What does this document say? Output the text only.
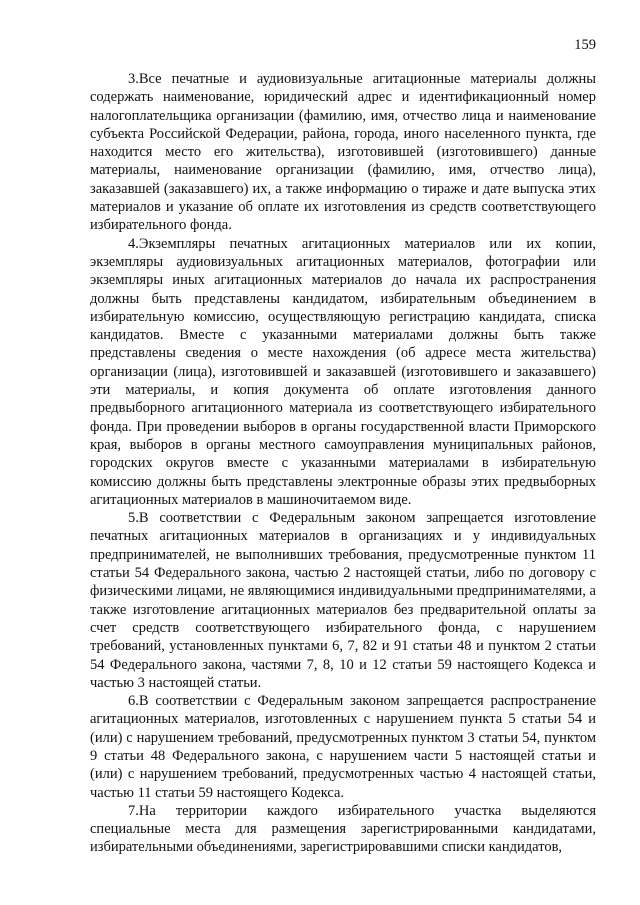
159

3.Все печатные и аудиовизуальные агитационные материалы должны содержать наименование, юридический адрес и идентификационный номер налогоплательщика организации (фамилию, имя, отчество лица и наименование субъекта Российской Федерации, района, города, иного населенного пункта, где находится место его жительства), изготовившей (изготовившего) данные материалы, наименование организации (фамилию, имя, отчество лица), заказавшей (заказавшего) их, а также информацию о тираже и дате выпуска этих материалов и указание об оплате их изготовления из средств соответствующего избирательного фонда.

4.Экземпляры печатных агитационных материалов или их копии, экземпляры аудиовизуальных агитационных материалов, фотографии или экземпляры иных агитационных материалов до начала их распространения должны быть представлены кандидатом, избирательным объединением в избирательную комиссию, осуществляющую регистрацию кандидата, списка кандидатов. Вместе с указанными материалами должны быть также представлены сведения о месте нахождения (об адресе места жительства) организации (лица), изготовившей и заказавшей (изготовившего и заказавшего) эти материалы, и копия документа об оплате изготовления данного предвыборного агитационного материала из соответствующего избирательного фонда. При проведении выборов в органы государственной власти Приморского края, выборов в органы местного самоуправления муниципальных районов, городских округов вместе с указанными материалами в избирательную комиссию должны быть представлены электронные образы этих предвыборных агитационных материалов в машиночитаемом виде.

5.В соответствии с Федеральным законом запрещается изготовление печатных агитационных материалов в организациях и у индивидуальных предпринимателей, не выполнивших требования, предусмотренные пунктом 11 статьи 54 Федерального закона, частью 2 настоящей статьи, либо по договору с физическими лицами, не являющимися индивидуальными предпринимателями, а также изготовление агитационных материалов без предварительной оплаты за счет средств соответствующего избирательного фонда, с нарушением требований, установленных пунктами 6, 7, 82 и 91 статьи 48 и пунктом 2 статьи 54 Федерального закона, частями 7, 8, 10 и 12 статьи 59 настоящего Кодекса и частью 3 настоящей статьи.

6.В соответствии с Федеральным законом запрещается распространение агитационных материалов, изготовленных с нарушением пункта 5 статьи 54 и (или) с нарушением требований, предусмотренных пунктом 3 статьи 54, пунктом 9 статьи 48 Федерального закона, с нарушением части 5 настоящей статьи и (или) с нарушением требований, предусмотренных частью 4 настоящей статьи, частью 11 статьи 59 настоящего Кодекса.

7.На территории каждого избирательного участка выделяются специальные места для размещения зарегистрированными кандидатами, избирательными объединениями, зарегистрировавшими списки кандидатов,
